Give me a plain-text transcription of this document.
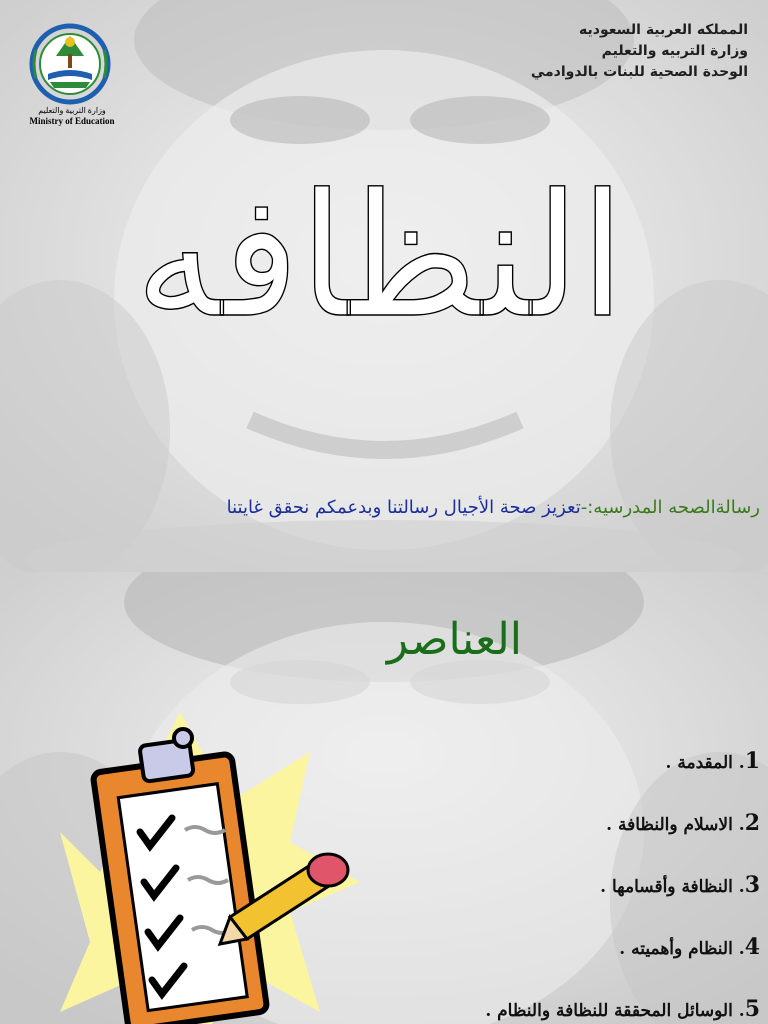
المملكه العربية السعوديه
وزارة التربيه والتعليم
الوحدة الصحية للبنات بالدوادمي
وزارة التربية والتعليم
Ministry of Education
النظافه
رسالةالصحه المدرسيه:-تعزيز صحة الأجيال رسالتنا وبدعمكم نحقق غايتنا
العناصر
1. المقدمة .
2. الاسلام والنظافة .
3. النظافة وأقسامها .
4. النظام وأهميته .
5. الوسائل المحققة للنظافة والنظام .
